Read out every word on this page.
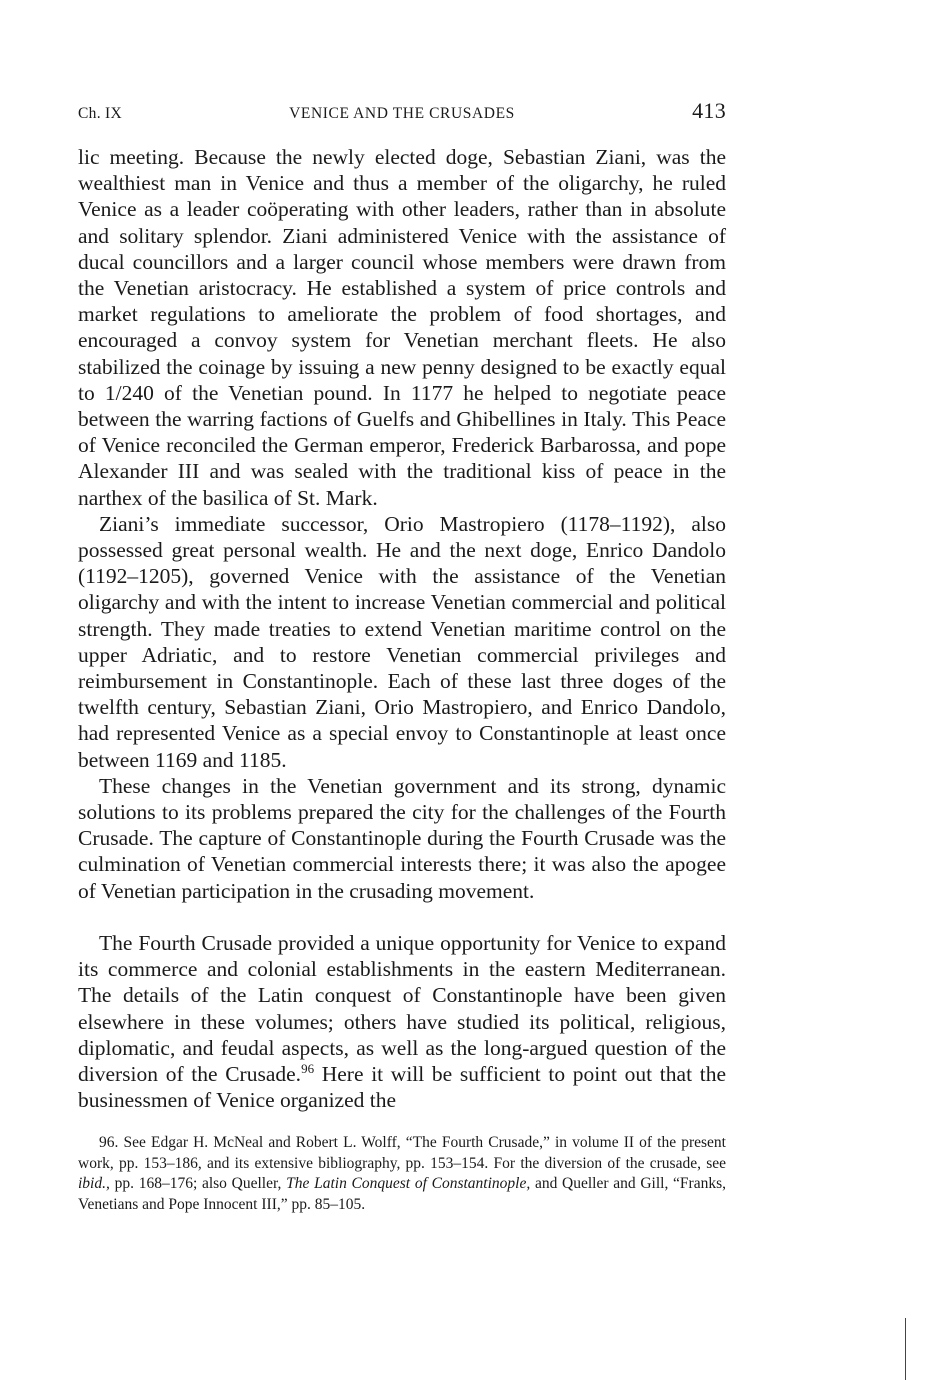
Ch. IX	VENICE AND THE CRUSADES	413

lic meeting. Because the newly elected doge, Sebastian Ziani, was the wealthiest man in Venice and thus a member of the oligarchy, he ruled Venice as a leader coöperating with other leaders, rather than in absolute and solitary splendor. Ziani administered Venice with the assistance of ducal councillors and a larger council whose members were drawn from the Venetian aristocracy. He established a system of price controls and market regulations to ameliorate the problem of food shortages, and encouraged a convoy system for Venetian merchant fleets. He also stabilized the coinage by issuing a new penny designed to be exactly equal to 1/240 of the Venetian pound. In 1177 he helped to negotiate peace between the warring factions of Guelfs and Ghibellines in Italy. This Peace of Venice reconciled the German emperor, Frederick Barbarossa, and pope Alexander III and was sealed with the traditional kiss of peace in the narthex of the basilica of St. Mark.

Ziani’s immediate successor, Orio Mastropiero (1178–1192), also possessed great personal wealth. He and the next doge, Enrico Dandolo (1192–1205), governed Venice with the assistance of the Venetian oligarchy and with the intent to increase Venetian commercial and political strength. They made treaties to extend Venetian maritime control on the upper Adriatic, and to restore Venetian commercial privileges and reimbursement in Constantinople. Each of these last three doges of the twelfth century, Sebastian Ziani, Orio Mastropiero, and Enrico Dandolo, had represented Venice as a special envoy to Constantinople at least once between 1169 and 1185.

These changes in the Venetian government and its strong, dynamic solutions to its problems prepared the city for the challenges of the Fourth Crusade. The capture of Constantinople during the Fourth Crusade was the culmination of Venetian commercial interests there; it was also the apogee of Venetian participation in the crusading movement.

The Fourth Crusade provided a unique opportunity for Venice to expand its commerce and colonial establishments in the eastern Mediterranean. The details of the Latin conquest of Constantinople have been given elsewhere in these volumes; others have studied its political, religious, diplomatic, and feudal aspects, as well as the long-argued question of the diversion of the Crusade.$^{96}$ Here it will be sufficient to point out that the businessmen of Venice organized the

96. See Edgar H. McNeal and Robert L. Wolff, “The Fourth Crusade,” in volume II of the present work, pp. 153–186, and its extensive bibliography, pp. 153–154. For the diversion of the crusade, see ibid., pp. 168–176; also Queller, The Latin Conquest of Constantinople, and Queller and Gill, “Franks, Venetians and Pope Innocent III,” pp. 85–105.
